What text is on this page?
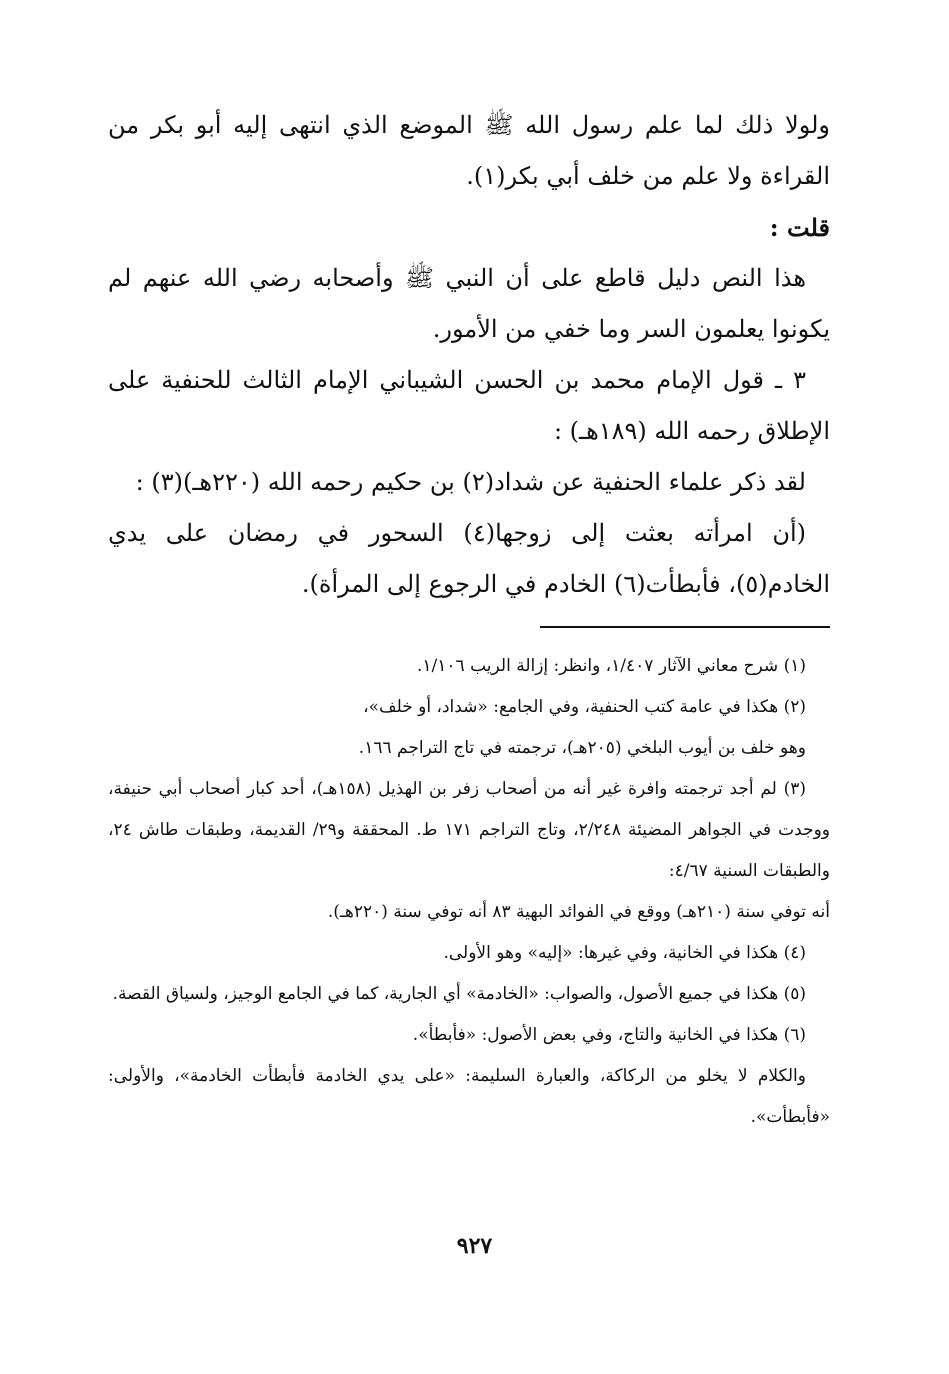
ولولا ذلك لما علم رسول الله ﷺ الموضع الذي انتهى إليه أبو بكر من القراءة ولا علم من خلف أبي بكر(١).

قلت :

هذا النص دليل قاطع على أن النبي ﷺ وأصحابه رضي الله عنهم لم يكونوا يعلمون السر وما خفي من الأمور.

٣ ـ قول الإمام محمد بن الحسن الشيباني الإمام الثالث للحنفية على الإطلاق رحمه الله (١٨٩هـ) :

لقد ذكر علماء الحنفية عن شداد(٢) بن حكيم رحمه الله (٢٢٠هـ)(٣) :

(أن امرأته بعثت إلى زوجها(٤) السحور في رمضان على يدي الخادم(٥)، فأبطأت(٦) الخادم في الرجوع إلى المرأة).

(١) شرح معاني الآثار ١/٤٠٧، وانظر: إزالة الريب ١/١٠٦.

(٢) هكذا في عامة كتب الحنفية، وفي الجامع: «شداد، أو خلف»،

وهو خلف بن أيوب البلخي (٢٠٥هـ)، ترجمته في تاج التراجم ١٦٦.

(٣) لم أجد ترجمته وافرة غير أنه من أصحاب زفر بن الهذيل (١٥٨هـ)، أحد كبار أصحاب أبي حنيفة، ووجدت في الجواهر المضيئة ٢/٢٤٨، وتاج التراجم ١٧١ ط. المحققة و٢٩/ القديمة، وطبقات طاش ٢٤، والطبقات السنية ٤/٦٧:

أنه توفي سنة (٢١٠هـ) ووقع في الفوائد البهية ٨٣ أنه توفي سنة (٢٢٠هـ).

(٤) هكذا في الخانية، وفي غيرها: «إليه» وهو الأولى.

(٥) هكذا في جميع الأصول، والصواب: «الخادمة» أي الجارية، كما في الجامع الوجيز، ولسياق القصة.

(٦) هكذا في الخانية والتاج، وفي بعض الأصول: «فأبطأ».

والكلام لا يخلو من الركاكة، والعبارة السليمة: «على يدي الخادمة فأبطأت الخادمة»، والأولى: «فأبطأت».

٩٢٧
